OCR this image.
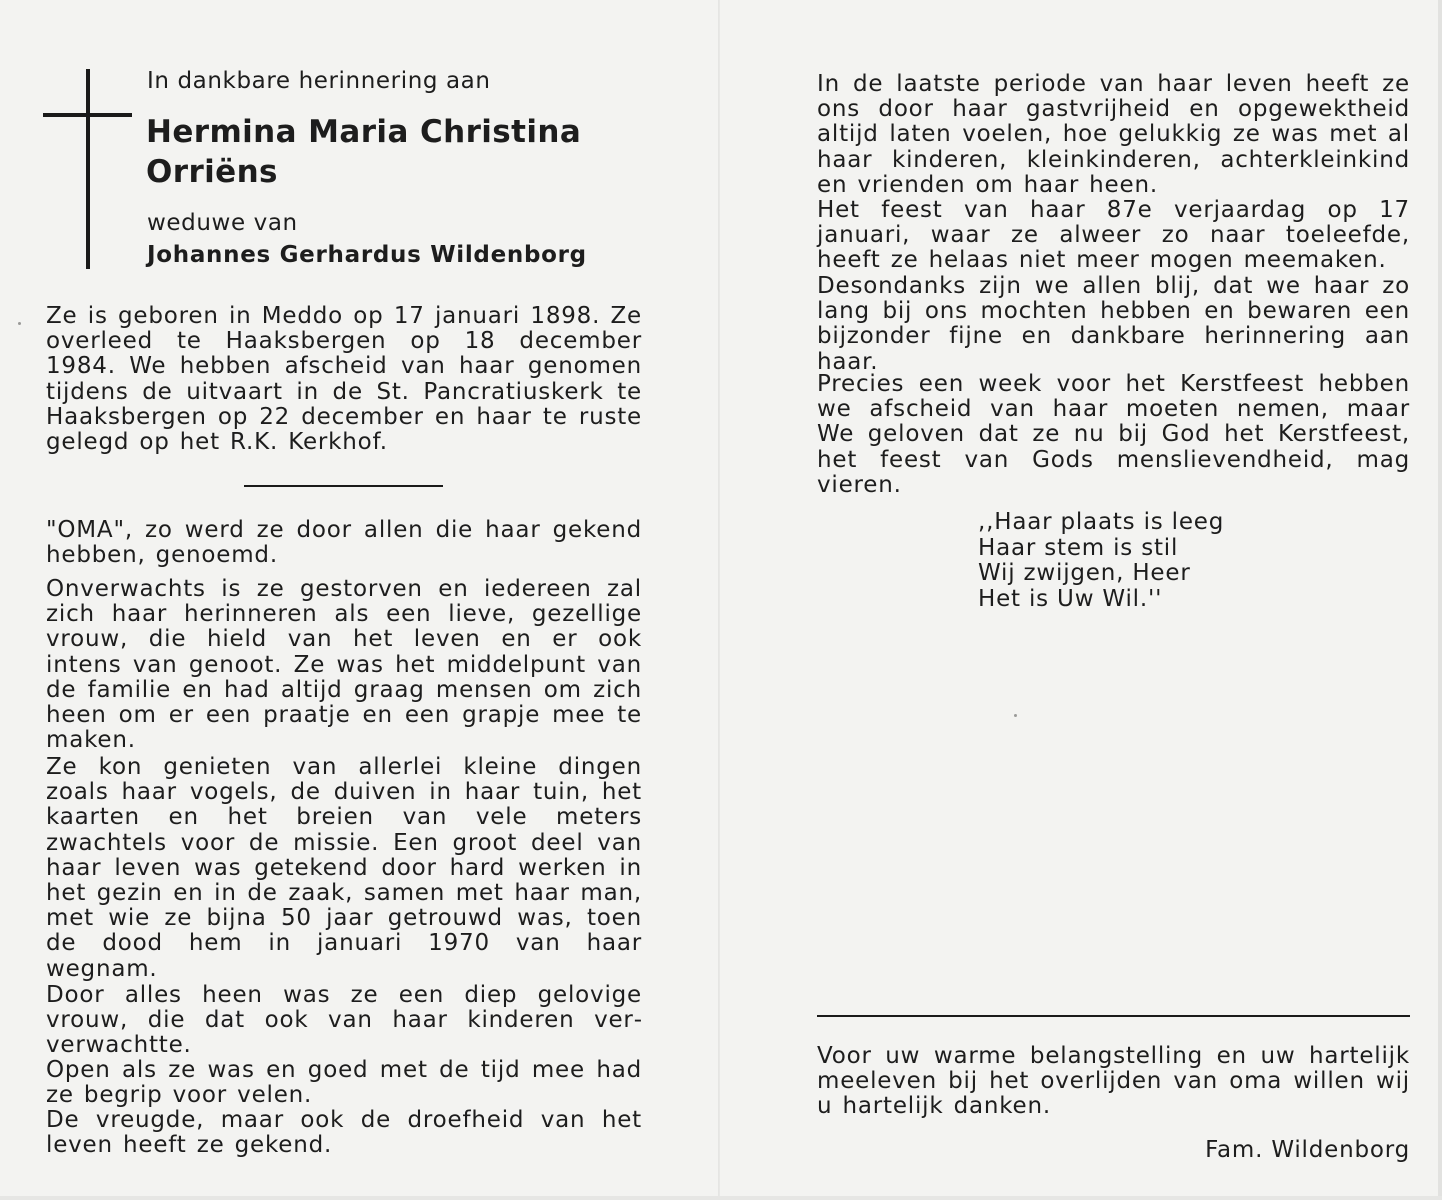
In dankbare herinnering aan

Hermina Maria Christina
Orriëns

weduwe van

Johannes Gerhardus Wildenborg

Ze is geboren in Meddo op 17 januari 1898. Ze overleed te Haaksbergen op 18 december 1984. We hebben afscheid van haar genomen tijdens de uitvaart in de St. Pancratiuskerk te Haaksbergen op 22 december en haar te ruste gelegd op het R.K. Kerkhof.

"OMA", zo werd ze door allen die haar gekend hebben, genoemd.

Onverwachts is ze gestorven en iedereen zal zich haar herinneren als een lieve, gezellige vrouw, die hield van het leven en er ook intens van genoot. Ze was het middelpunt van de familie en had altijd graag mensen om zich heen om er een praatje en een grapje mee te maken.

Ze kon genieten van allerlei kleine dingen zoals haar vogels, de duiven in haar tuin, het kaarten en het breien van vele meters zwachtels voor de missie. Een groot deel van haar leven was getekend door hard werken in het gezin en in de zaak, samen met haar man, met wie ze bijna 50 jaar getrouwd was, toen de dood hem in januari 1970 van haar wegnam.

Door alles heen was ze een diep gelovige vrouw, die dat ook van haar kinderen ververwachtte.

Open als ze was en goed met de tijd mee had ze begrip voor velen.

De vreugde, maar ook de droefheid van het leven heeft ze gekend.

In de laatste periode van haar leven heeft ze ons door haar gastvrijheid en opgewektheid altijd laten voelen, hoe gelukkig ze was met al haar kinderen, kleinkinderen, achterkleinkind en vrienden om haar heen.

Het feest van haar 87e verjaardag op 17 januari, waar ze alweer zo naar toeleefde, heeft ze helaas niet meer mogen meemaken.

Desondanks zijn we allen blij, dat we haar zo lang bij ons mochten hebben en bewaren een bijzonder fijne en dankbare herinnering aan haar.

Precies een week voor het Kerstfeest hebben we afscheid van haar moeten nemen, maar We geloven dat ze nu bij God het Kerstfeest, het feest van Gods menslievendheid, mag vieren.

,,Haar plaats is leeg
Haar stem is stil
Wij zwijgen, Heer
Het is Uw Wil.''

Voor uw warme belangstelling en uw hartelijk meeleven bij het overlijden van oma willen wij u hartelijk danken.

Fam. Wildenborg
